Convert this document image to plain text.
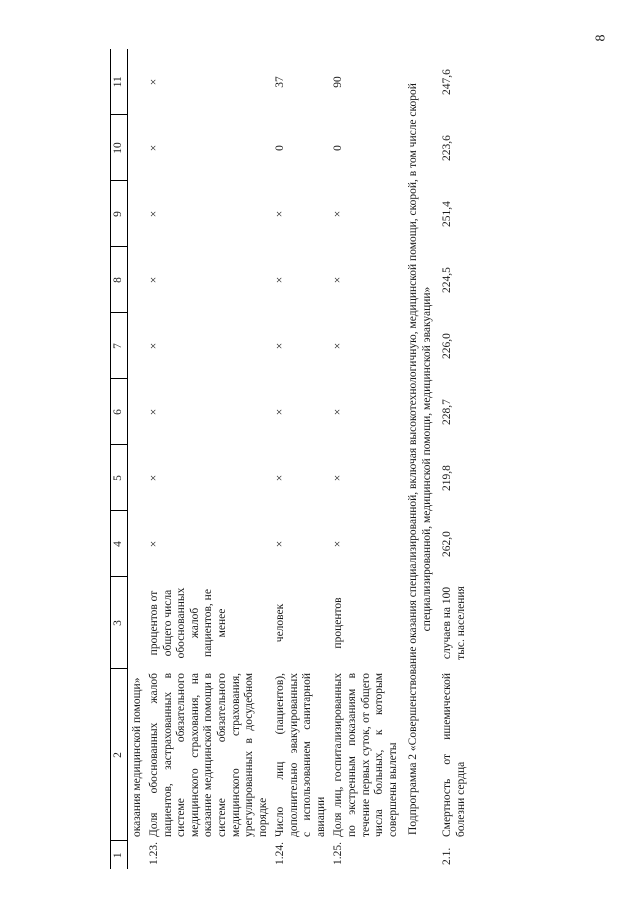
8
1	2	3	4	5	6	7	8	9	10	11
	оказания медицинской помощи»									
1.23.	Доля обоснованных жалоб пациентов, застрахованных в системе обязательного медицинского страхования, на оказание медицинской помощи в системе обязательного медицинского страхования, урегулированных в досудебном порядке	процентов от общего числа обоснованных жалоб пациентов, не менее	×	×	×	×	×	×	×	×
1.24.	Число лиц (пациентов), дополнительно эвакуированных с использованием санитарной авиации	человек	×	×	×	×	×	×	0	37
1.25.	Доля лиц, госпитализированных по экстренным показаниям в течение первых суток, от общего числа больных, к которым совершены вылеты	процентов	×	×	×	×	×	×	0	90
Подпрограмма 2 «Совершенствование оказания специализированной, включая высокотехнологичную, медицинской помощи, скорой, в том числе скорой специализированной, медицинской помощи, медицинской эвакуации»										
2.1.	Смертность от ишемической болезни сердца	случаев на 100 тыс. населения	262,0	219,8	228,7	226,0	224,5	251,4	223,6	247,6
